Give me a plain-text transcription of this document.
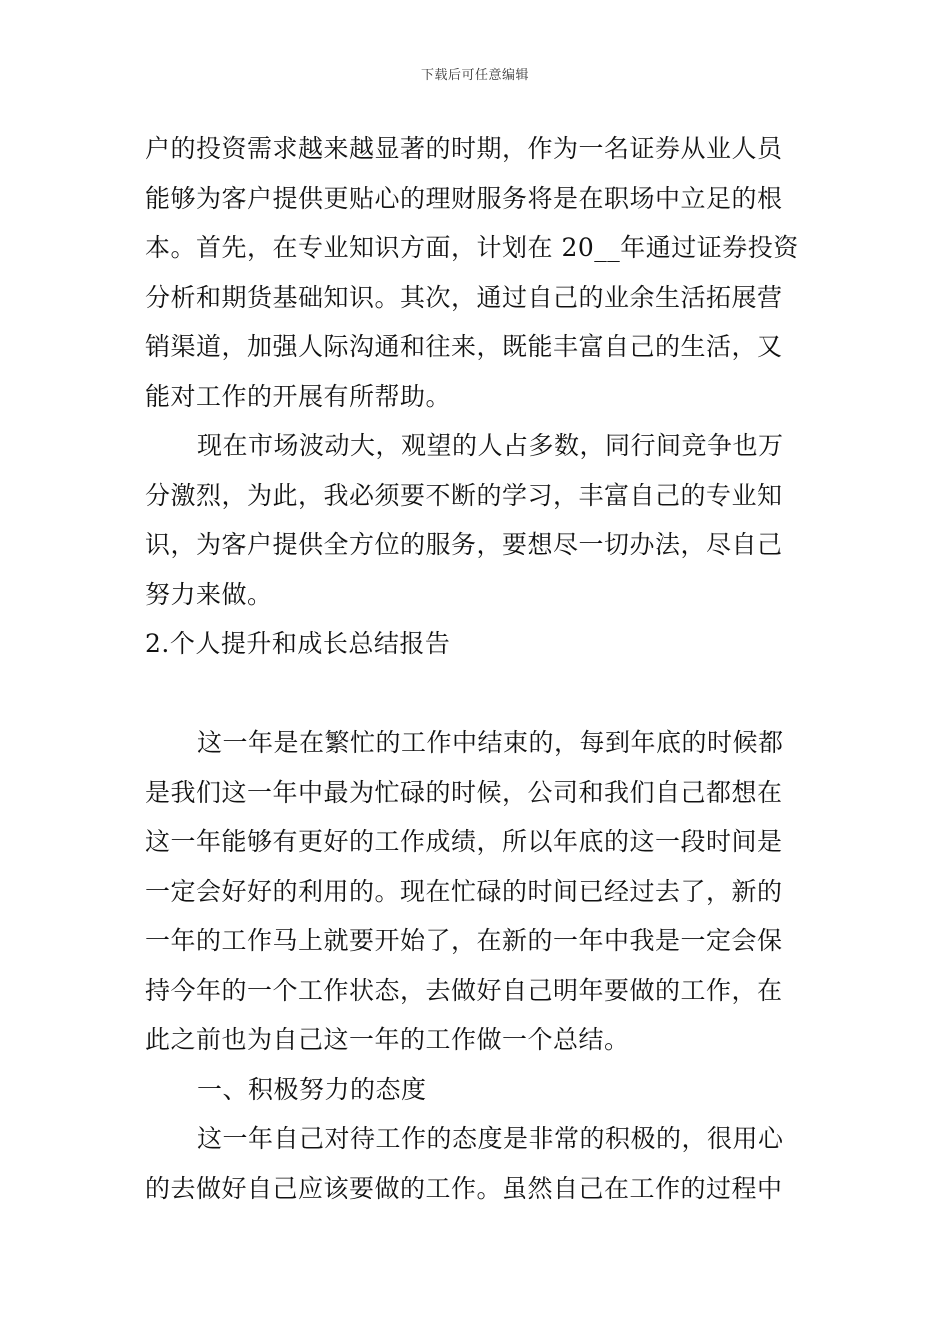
下载后可任意编辑
户的投资需求越来越显著的时期，作为一名证券从业人员
能够为客户提供更贴心的理财服务将是在职场中立足的根
本。首先，在专业知识方面，计划在 20__年通过证券投资
分析和期货基础知识。其次，通过自己的业余生活拓展营
销渠道，加强人际沟通和往来，既能丰富自己的生活，又
能对工作的开展有所帮助。
现在市场波动大，观望的人占多数，同行间竞争也万
分激烈，为此，我必须要不断的学习，丰富自己的专业知
识，为客户提供全方位的服务，要想尽一切办法，尽自己
努力来做。
2.个人提升和成长总结报告
这一年是在繁忙的工作中结束的，每到年底的时候都
是我们这一年中最为忙碌的时候，公司和我们自己都想在
这一年能够有更好的工作成绩，所以年底的这一段时间是
一定会好好的利用的。现在忙碌的时间已经过去了，新的
一年的工作马上就要开始了，在新的一年中我是一定会保
持今年的一个工作状态，去做好自己明年要做的工作，在
此之前也为自己这一年的工作做一个总结。
一、积极努力的态度
这一年自己对待工作的态度是非常的积极的，很用心
的去做好自己应该要做的工作。虽然自己在工作的过程中
